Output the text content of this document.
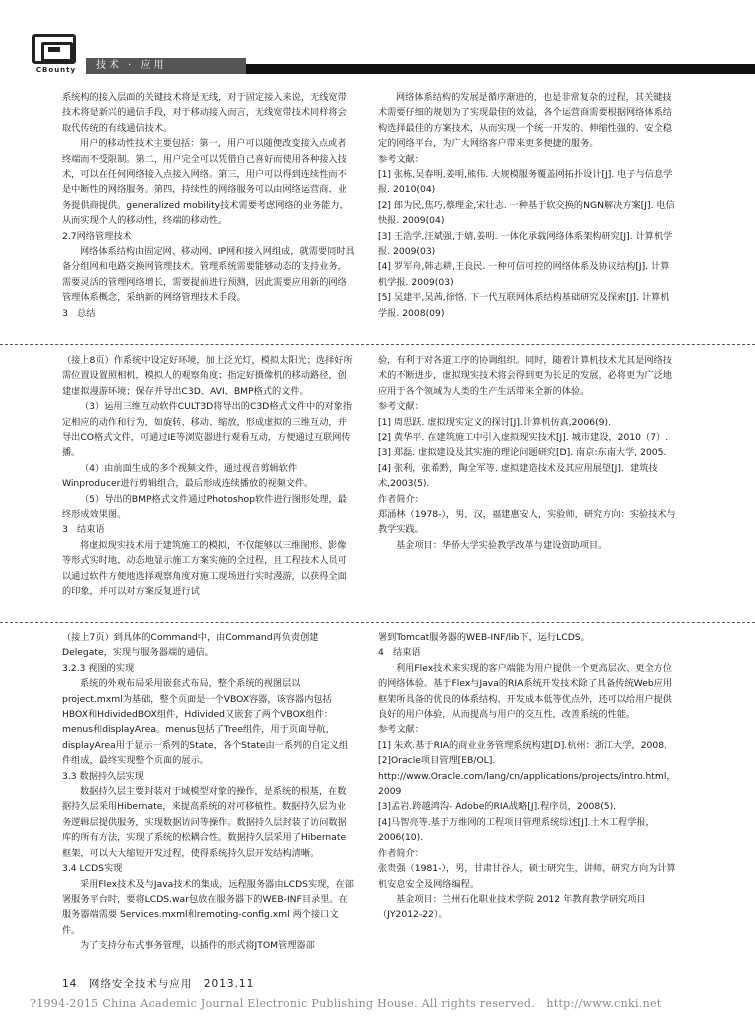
CBounty	技术 · 应用

系统构的接入层面的关键技术将是无线，对于固定接入来说，无线宽带技术将是新兴的通信手段，对于移动接入而言，无线宽带技术同样将会取代传统的有线通信技术。

用户的移动性技术主要包括：第一，用户可以随便改变接入点或者终端而不受限制。第二，用户完全可以凭借自己喜好而使用各种接入技术，可以在任何网络接入点接入网络。第三，用户可以得到连续性而不是中断性的网络服务。第四，持续性的网络服务可以由网络运营商、业务提供商提供。generalized mobility技术需要考虑网络的业务能力，从而实现个人的移动性，终端的移动性。

2.7网络管理技术

网络体系结构由固定网、移动网、IP网和接入网组成，就需要同时具备分组网和电路交换网管理技术。管理系统需要能够动态的支持业务，需要灵活的管理网络增长，需要提前进行预测，因此需要应用新的网络管理体系概念，采纳新的网络管理技术手段。

3　总结

网络体系结构的发展是循序渐进的，也是非常复杂的过程，其关键技术需要仔细的规划为了实现最佳的效益，各个运营商需要根据网络体系结构选择最佳的方案技术，从而实现一个统一开发的、伸缩性强的、安全稳定的网络平台，为广大网络客户带来更多便捷的服务。

参考文献：

[1] 张栋,吴春明,姜明,熊伟. 大规模服务覆盖网拓扑设计[J]. 电子与信息学报. 2010(04)

[2] 郎为民,焦巧,蔡理金,宋壮志. 一种基于软交换的NGN解决方案[J]. 电信快报. 2009(04)

[3] 王浩学,汪斌强,于婧,姜明. 一体化承载网络体系架构研究[J]. 计算机学报. 2009(03)

[4] 罗军舟,韩志耕,王良民. 一种可信可控的网络体系及协议结构[J]. 计算机学报. 2009(03)

[5] 吴建平,吴茜,徐恪. 下一代互联网体系结构基础研究及探索[J]. 计算机学报. 2008(09)

（接上8页）作系统中设定好环境，加上泛光灯，模拟太阳光；选择好所需位置设置照相机，模拟人的观察角度；指定好摄像机的移动路径，创建虚拟漫游环境；保存并导出C3D、AVI、BMP格式的文件。

（3）运用三维互动软件CULT3D将导出的C3D格式文件中的对象指定相应的动作和行为，如旋转、移动、缩放，形成虚拟的三维互动，并导出CO格式文件，可通过IE等浏览器进行观看互动，方便通过互联网传播。

（4）由前面生成的多个视频文件，通过视音剪辑软件Winproducer进行剪辑组合，最后形成连续播放的视频文件。

（5）导出的BMP格式文件通过Photoshop软件进行图形处理，最终形成效果图。

3　结束语

将虚拟现实技术用于建筑施工的模拟，不仅能够以三维图形、影像等形式实时地、动态地显示施工方案实施的全过程，且工程技术人员可以通过软件方便地选择观察角度对施工现场进行实时漫游，以获得全面的印象，并可以对方案反复进行试

验，有利于对各道工序的协调组织。同时，随着计算机技术尤其是网络技术的不断进步，虚拟现实技术将会得到更为长足的发展，必将更为广泛地应用于各个领域为人类的生产生活带来全新的体验。

参考文献：

[1] 周思跃. 虚拟现实定义的探讨[J].计算机仿真,2006(9).

[2] 黄华平. 在建筑施工中引入虚拟现实技术[J]. 城市建设，2010（7）.

[3] 郑磊. 虚拟建设及其实施的理论问题研究[D]. 南京:东南大学, 2005.

[4] 张利，张希黔，陶全军等. 虚拟建造技术及其应用展望[J]．建筑技术,2003(5).

作者简介：

郑涌林（1978-），男，汉，福建惠安人，实验师，研究方向：实验技术与教学实践。

基金项目：华侨大学实验教学改革与建设资助项目。

（接上7页）到具体的Command中，由Command再负责创建Delegate，实现与服务器端的通信。

3.2.3 视图的实现

系统的外观布局采用嵌套式布局，整个系统的视图层以project.mxml为基础，整个页面是一个VBOX容器，该容器内包括HBOX和HdividedBOX组件，Hdivided又嵌套了两个VBOX组件：menus和displayArea。menus包括了Tree组件，用于页面导航，displayArea用于显示一系列的State，各个State由一系列的自定义组件组成，最终实现整个页面的展示。

3.3 数据持久层实现

数据持久层主要封装对于域模型对象的操作，是系统的根基，在数据持久层采用Hibernate，来提高系统的对可移植性。数据持久层为业务逻辑层提供服务，实现数据访问等操作。数据持久层封装了访问数据库的所有方法，实现了系统的松耦合性。数据持久层采用了Hibernate框架，可以大大缩短开发过程，使得系统持久层开发结构清晰。

3.4 LCDS实现

采用Flex技术及与Java技术的集成，远程服务器由LCDS实现，在部署服务平台时，要将LCDS.war包放在服务器下的WEB-INF目录里。在服务器端需要 Services.mxml和remoting-config.xml 两个接口文件。

为了支持分布式事务管理，以插件的形式将JTOM管理器部

署到Tomcat服务器的WEB-INF/lib下，运行LCDS。

4　结束语

利用Flex技术来实现的客户端能为用户提供一个更高层次、更全方位的网络体验。基于Flex与Java的RIA系统开发技术除了具备传统Web应用框架所具备的优良的体系结构、开发成本低等优点外，还可以给用户提供良好的用户体验，从而提高与用户的交互性，改善系统的性能。

参考文献：

[1] 朱欢.基于RIA的商业业务管理系统构建[D].杭州：浙江大学，2008.

[2]Oracle项目管理[EB/OL]. http://www.Oracle.com/lang/cn/applications/projects/intro.html，2009

[3]孟岩.跨越鸿沟- Adobe的RIA战略[J].程序员，2008(5).

[4]马智亮等.基于万维网的工程项目管理系统综述[J].土木工程学报，2006(10).

作者简介：

张贵强（1981-），男，甘肃甘谷人，硕士研究生，讲师，研究方向为计算机安息安全及网络编程。

基金项目：兰州石化职业技术学院 2012 年教育教学研究项目（JY2012-22）。

14　网络安全技术与应用　2013.11
?1994-2015 China Academic Journal Electronic Publishing House. All rights reserved.　http://www.cnki.net
